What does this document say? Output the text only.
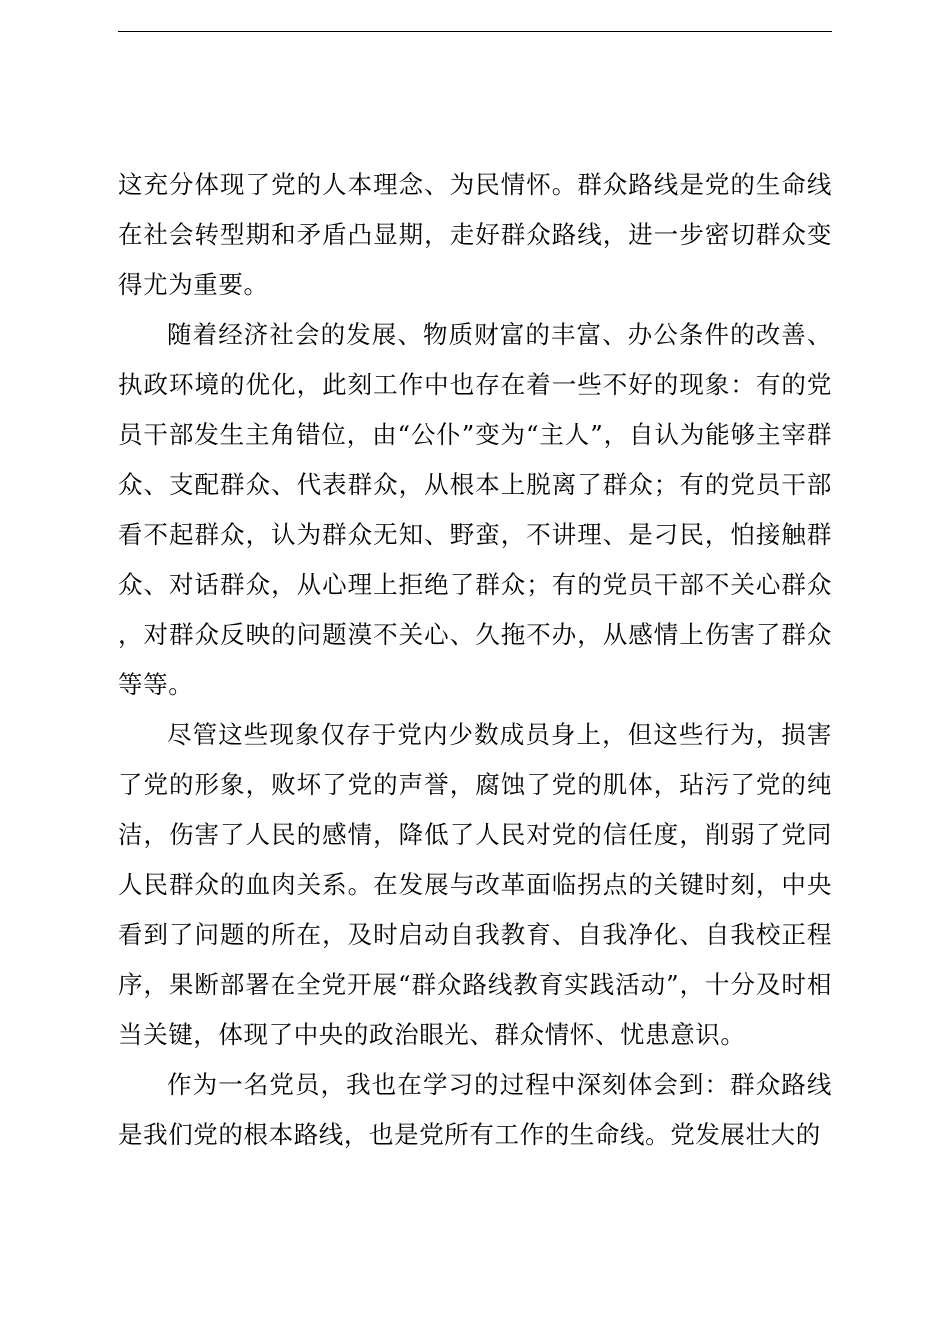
这充分体现了党的人本理念、为民情怀。群众路线是党的生命线在社会转型期和矛盾凸显期，走好群众路线，进一步密切群众变得尤为重要。

随着经济社会的发展、物质财富的丰富、办公条件的改善、执政环境的优化，此刻工作中也存在着一些不好的现象：有的党员干部发生主角错位，由“公仆”变为“主人”，自认为能够主宰群众、支配群众、代表群众，从根本上脱离了群众；有的党员干部看不起群众，认为群众无知、野蛮，不讲理、是刁民，怕接触群众、对话群众，从心理上拒绝了群众；有的党员干部不关心群众，对群众反映的问题漠不关心、久拖不办，从感情上伤害了群众等等。

尽管这些现象仅存于党内少数成员身上，但这些行为，损害了党的形象，败坏了党的声誉，腐蚀了党的肌体，玷污了党的纯洁，伤害了人民的感情，降低了人民对党的信任度，削弱了党同人民群众的血肉关系。在发展与改革面临拐点的关键时刻，中央看到了问题的所在，及时启动自我教育、自我净化、自我校正程序，果断部署在全党开展“群众路线教育实践活动”，十分及时相当关键，体现了中央的政治眼光、群众情怀、忧患意识。

作为一名党员，我也在学习的过程中深刻体会到：群众路线是我们党的根本路线，也是党所有工作的生命线。党发展壮大的
